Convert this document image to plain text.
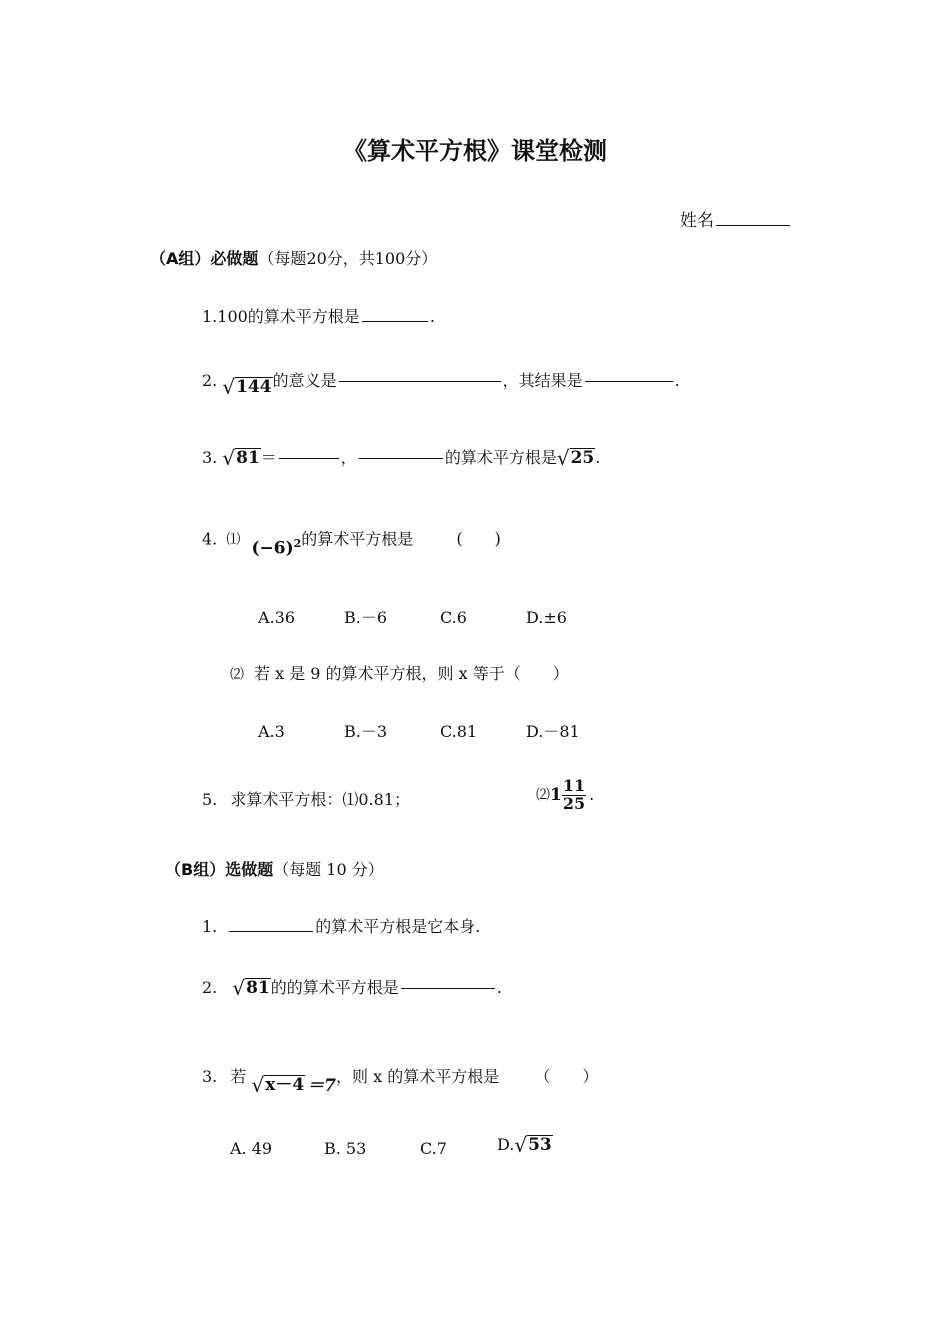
《算术平方根》课堂检测
姓名
（A组）必做题（每题20分，共100分）
1.100的算术平方根是	.
2. √ 144 的意义是	，其结果是	.
3. √ 81 ＝	，	的算术平方根是 √ 25 .
4. ⑴ $(-6)^2$的算术平方根是	(　　)
A.36	B.－6	C.6	D.±6
⑵ 若 x 是 9 的算术平方根，则 x 等于（　　）
A.3	B.－3	C.81	D.－81
5. 求算术平方根：⑴0.81；	⑵1 $\frac{11}{25}$ .
（B组）选做题（每题 10 分）
1.	的算术平方根是它本身.
2. √ 81 的的算术平方根是	.
3. 若 √ x－4 ＝7 ，则 x 的算术平方根是 （　　）
A. 49	B. 53	C.7	D. √ 53
